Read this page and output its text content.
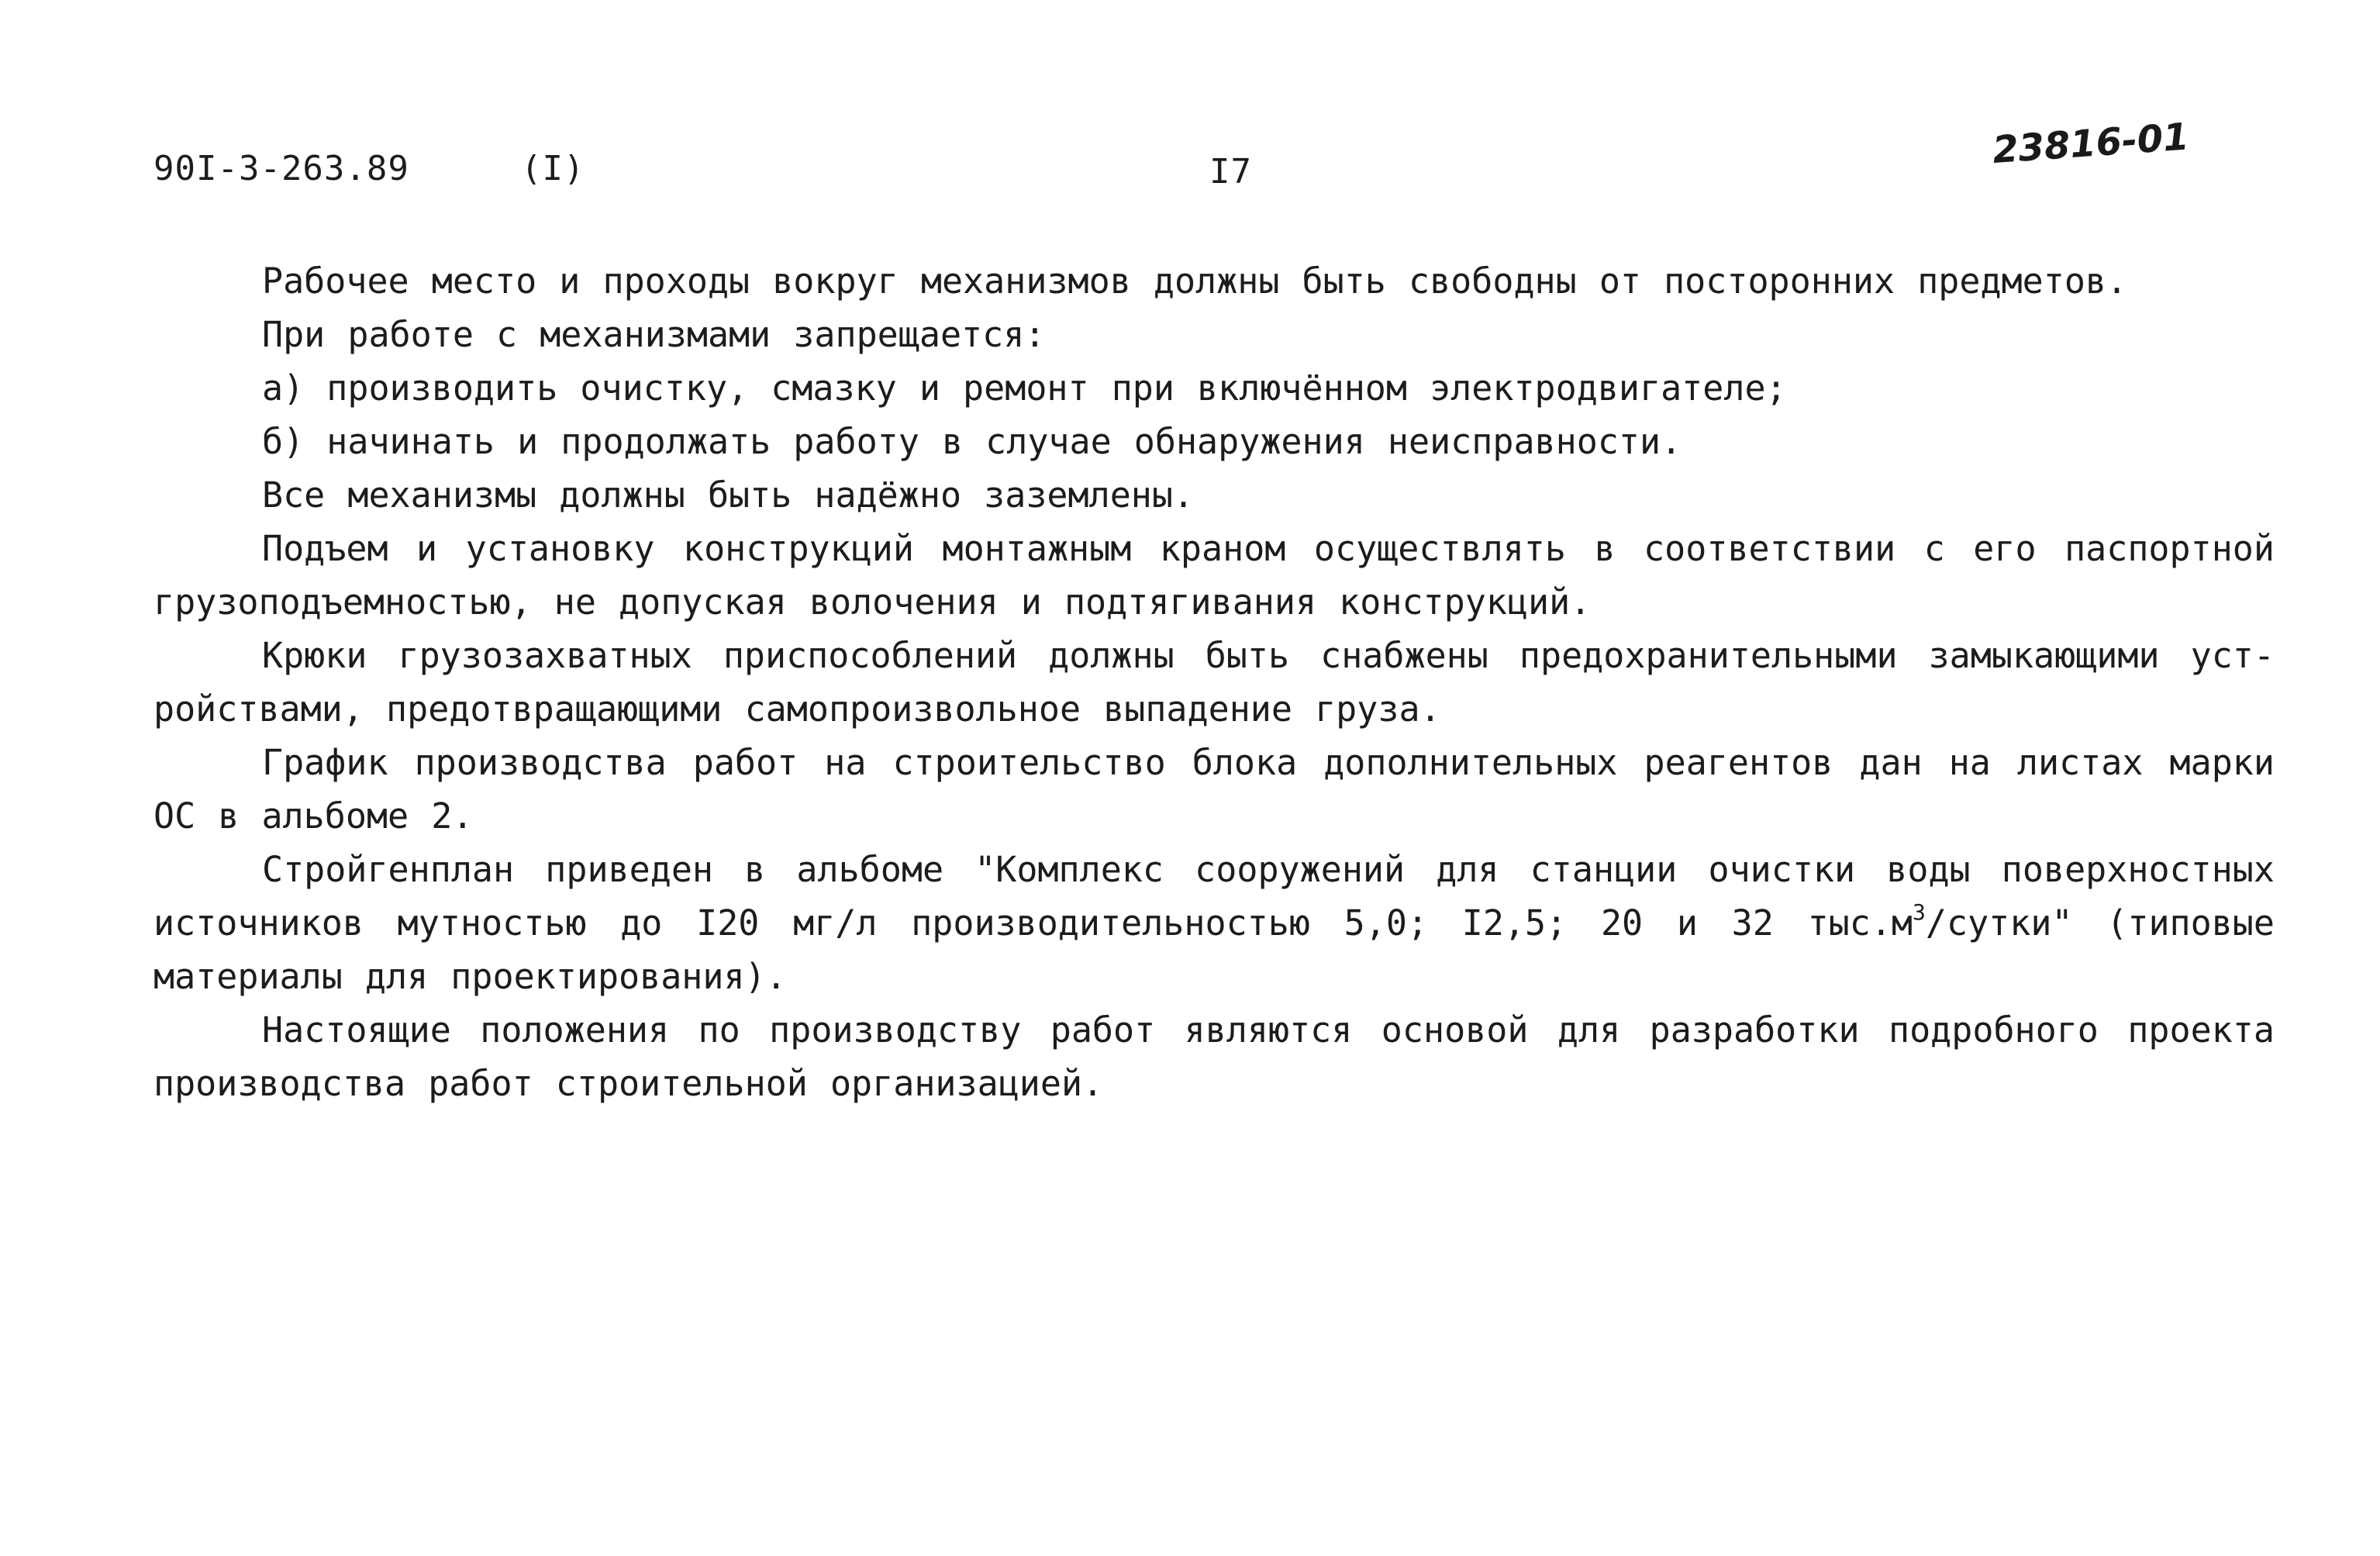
90I-3-263.89	(I)	I7	23816-01

Рабочее место и проходы вокруг механизмов должны быть свободны от посторонних предметов.

При работе с механизмами запрещается:

а) производить очистку, смазку и ремонт при включённом электродвигателе;

б) начинать и продолжать работу в случае обнаружения неисправности.

Все механизмы должны быть надёжно заземлены.

Подъем и установку конструкций монтажным краном осуществлять в соответствии с его паспортной грузоподъемностью, не допуская волочения и подтягивания конструкций.

Крюки грузозахватных приспособлений должны быть снабжены предохранительными замыкающими уст-ройствами, предотвращающими самопроизвольное выпадение груза.

График производства работ на строительство блока дополнительных реагентов дан на листах марки ОС в альбоме 2.

Стройгенплан приведен в альбоме "Комплекс сооружений для станции очистки воды поверхностных источников мутностью до I20 мг/л производительностью 5,0; I2,5; 20 и 32 $тыс.м^3$/сутки" (типовые материалы для проектирования).

Настоящие положения по производству работ являются основой для разработки подробного проекта производства работ строительной организацией.
